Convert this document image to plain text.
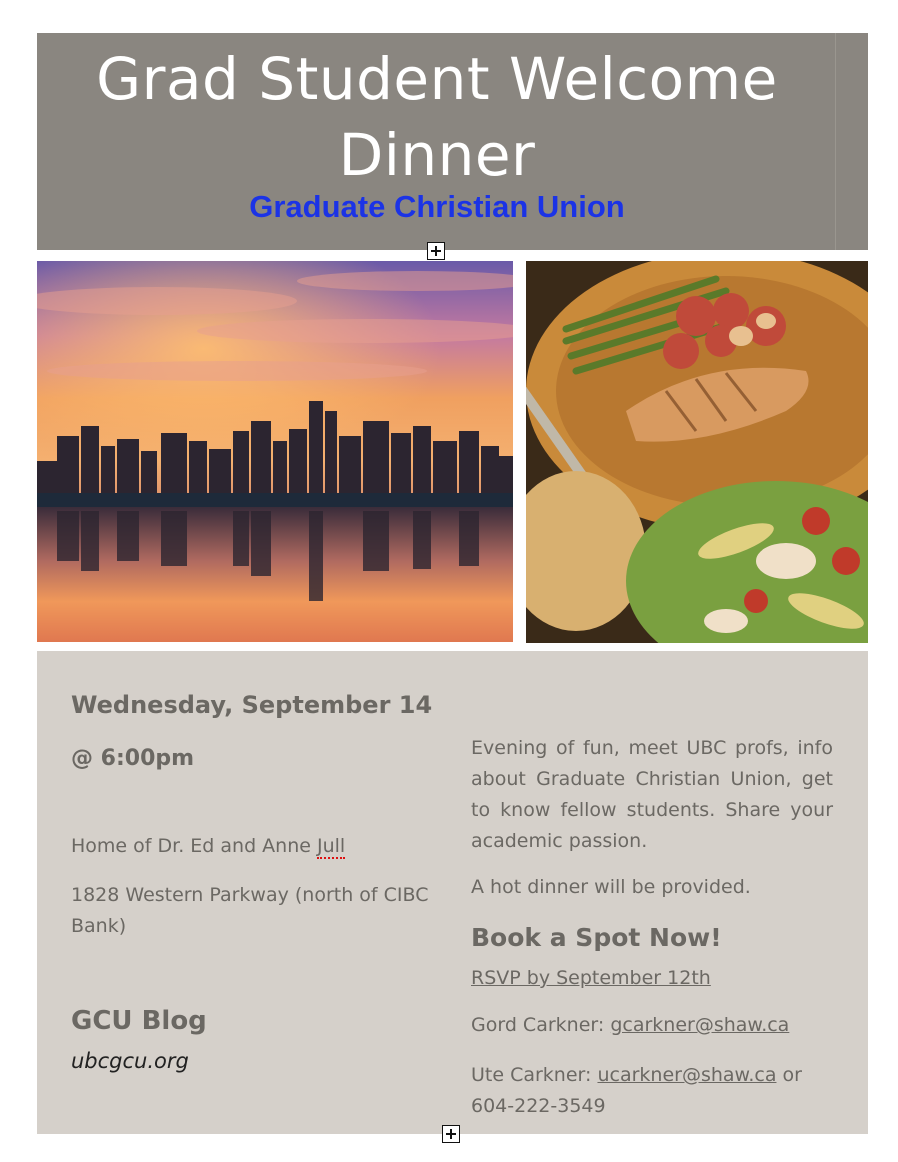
Grad Student Welcome Dinner
Graduate Christian Union
Wednesday, September 14
@ 6:00pm
Home of Dr. Ed and Anne Jull
1828 Western Parkway (north of CIBC Bank)
GCU Blog
ubcgcu.org
Evening of fun, meet UBC profs, info about Graduate Christian Union, get to know fellow students. Share your academic passion.
A hot dinner will be provided.
Book a Spot Now!
RSVP by September 12th
Gord Carkner: gcarkner@shaw.ca
Ute Carkner: ucarkner@shaw.ca or 604-222-3549
